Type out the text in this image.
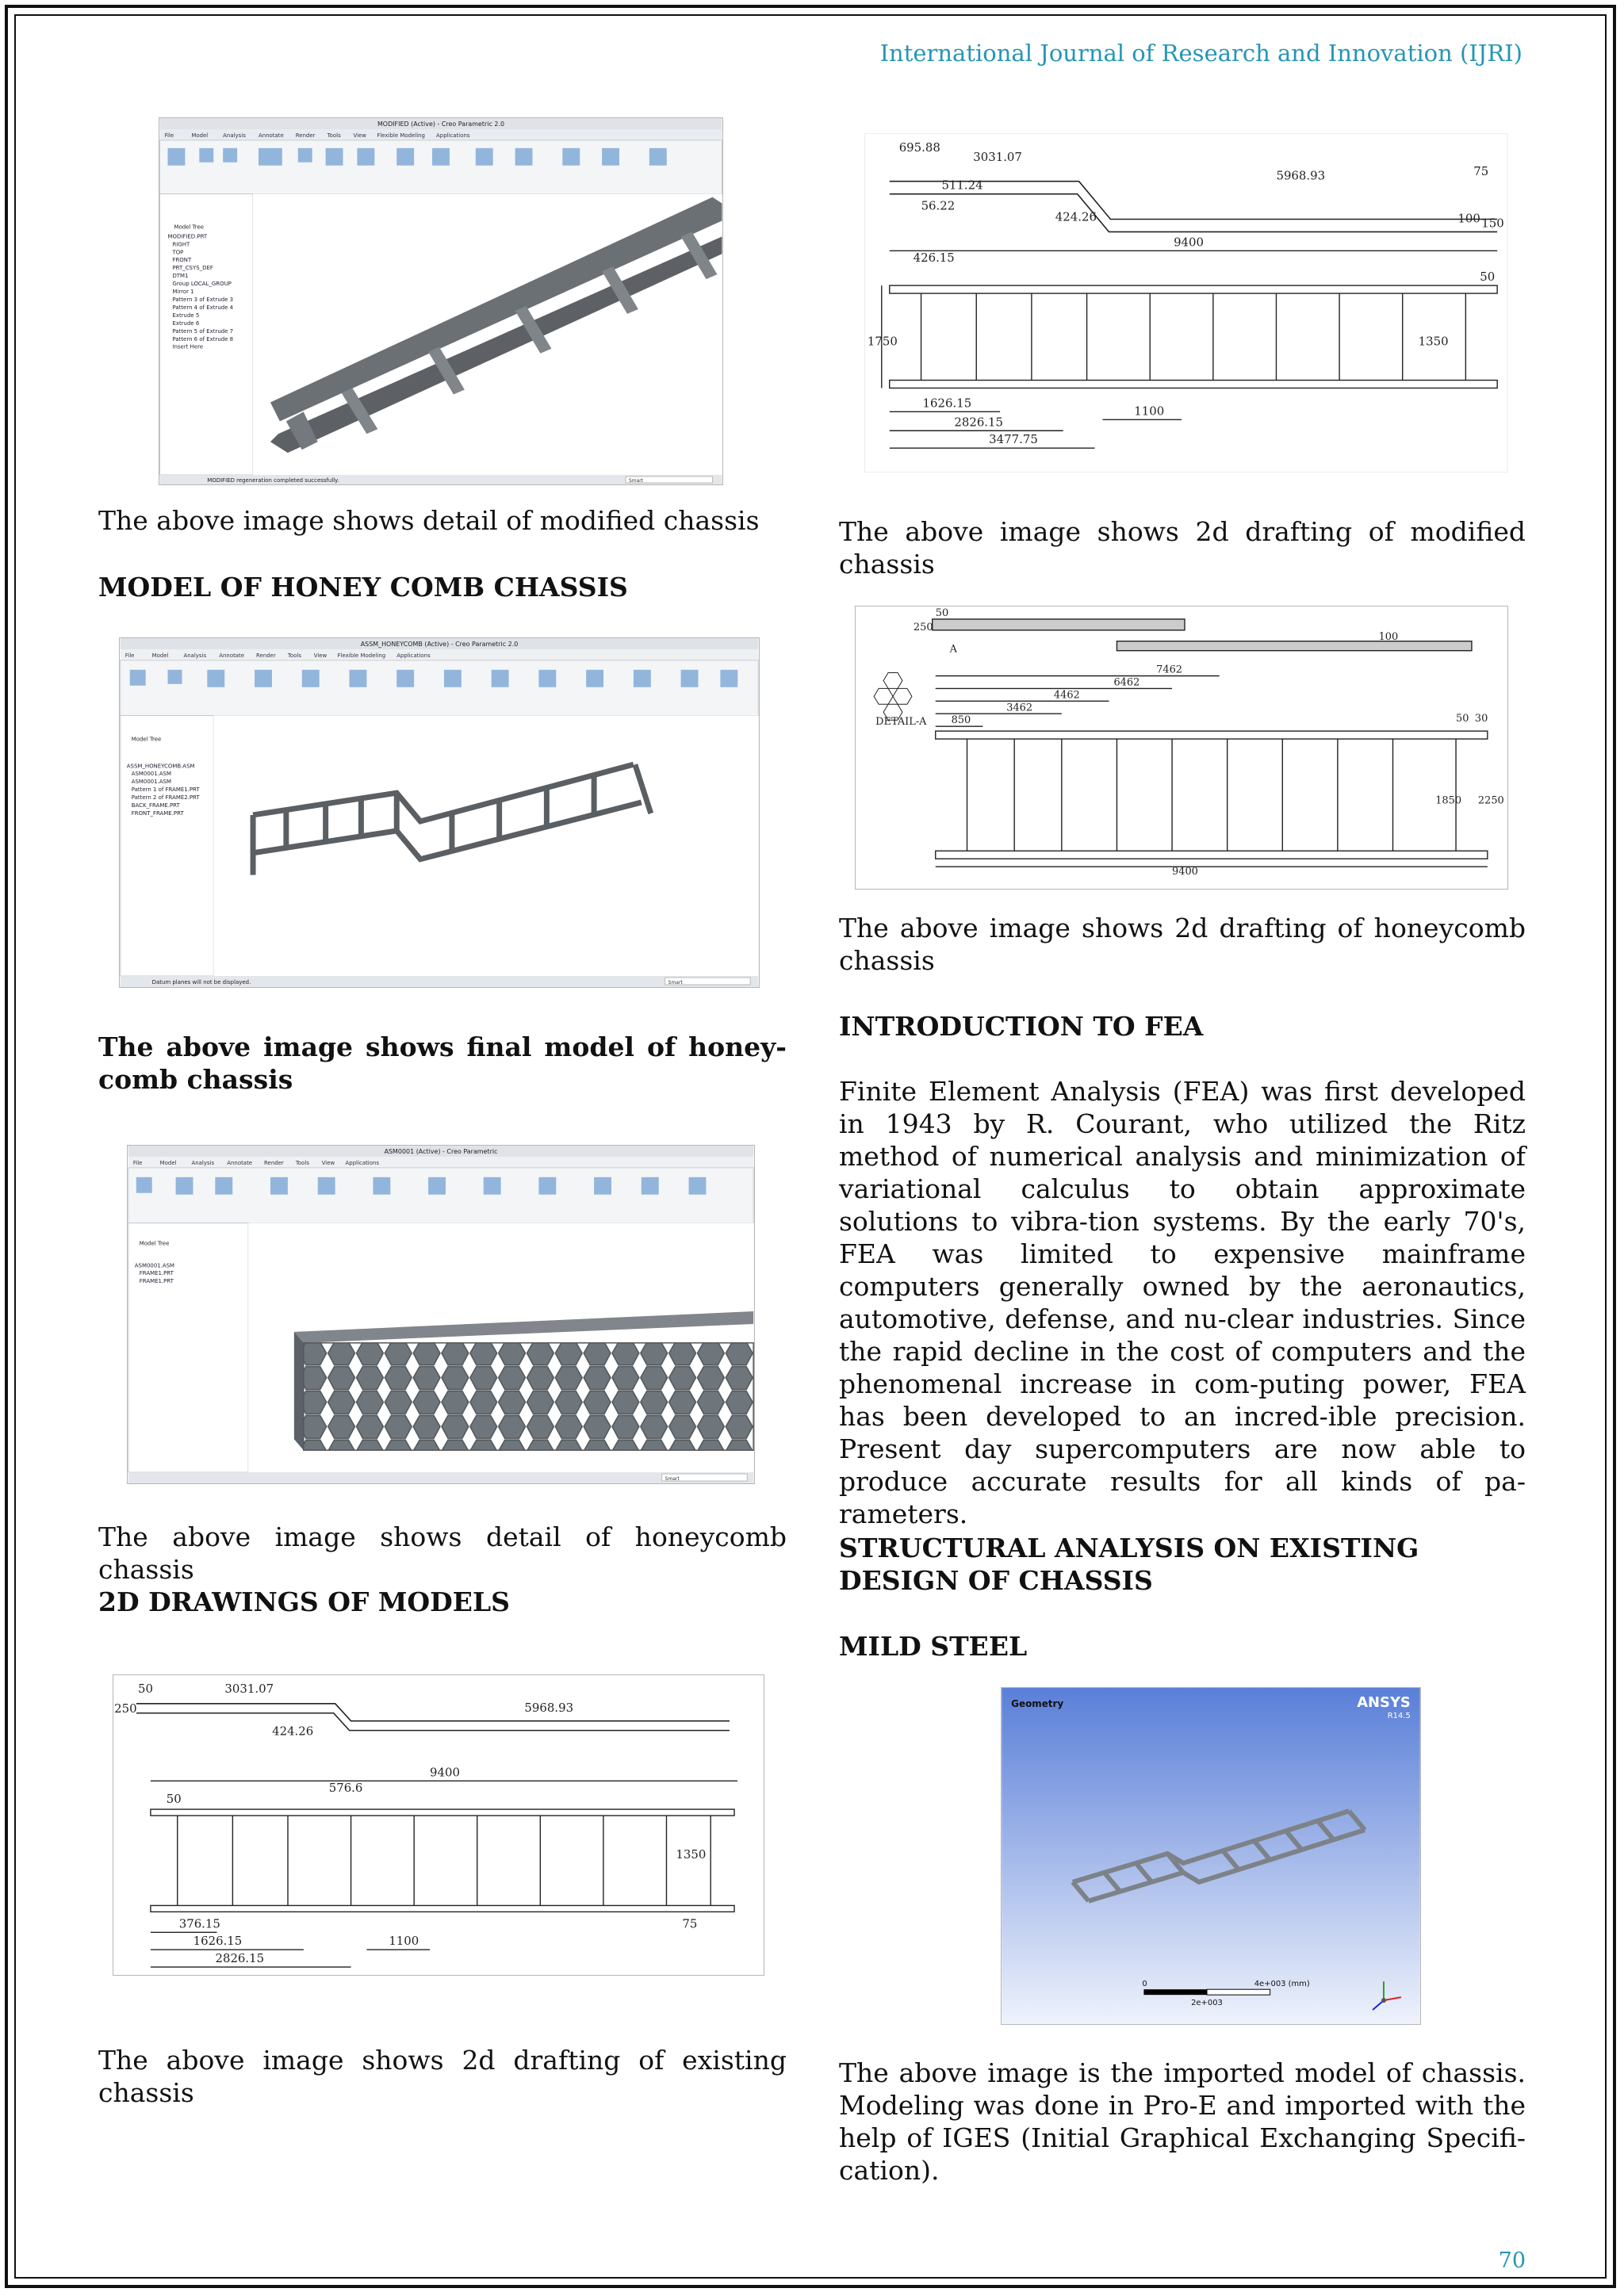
International Journal of Research and Innovation (IJRI)
MODIFIED (Active) - Creo Parametric 2.0
File	Model	Analysis Annotate Render Tools View Flexible Modeling Applications
Model Tree
MODIFIED.PRT
RIGHT
TOP
FRONT
PRT_CSYS_DEF
DTM1
Group LOCAL_GROUP
Mirror 1
Pattern 3 of Extrude 3
Pattern 4 of Extrude 4
Extrude 5
Extrude 6
Pattern 5 of Extrude 7
Pattern 6 of Extrude 8
Insert Here
MODIFIED regeneration completed successfully.	Smart

The above image shows detail of modified chassis

MODEL OF HONEY COMB CHASSIS
ASSM_HONEYCOMB (Active) - Creo Parametric 2.0
File	Model	Analysis Annotate Render Tools View Flexible Modeling Applications
Model Tree
ASSM_HONEYCOMB.ASM
ASM0001.ASM
ASM0001.ASM
Pattern 1 of FRAME1.PRT
Pattern 2 of FRAME2.PRT
BACK_FRAME.PRT
FRONT_FRAME.PRT
Datum planes will not be displayed.	Smart

The above image shows final model of honey-comb chassis

ASM0001 (Active) - Creo Parametric
File	Model	Analysis Annotate Render Tools View Applications
Model Tree
ASM0001.ASM
FRAME1.PRT
FRAME1.PRT
Smart

The above image shows detail of honeycomb chassis

2D DRAWINGS OF MODELS
50
250
3031.07
5968.93
424.26
9400
576.6
50
1350
376.15
1626.15
2826.15
1100
75

The above image shows 2d drafting of existing chassis

695.88
3031.07
511.24
56.22
424.26
5968.93	75
100 150
9400
426.15
50
1750	1350
1626.15
1100
2826.15
3477.75

The above image shows 2d drafting of modified chassis

250
50
100
7462
6462
4462
3462
850	50 30
1850 2250
9400
DETAIL-A
A

The above image shows 2d drafting of honeycomb chassis

INTRODUCTION TO FEA

Finite Element Analysis (FEA) was first developed in 1943 by R. Courant, who utilized the Ritz method of numerical analysis and minimization of variational calculus to obtain approximate solutions to vibra-tion systems. By the early 70's, FEA was limited to expensive mainframe computers generally owned by the aeronautics, automotive, defense, and nu-clear industries. Since the rapid decline in the cost of computers and the phenomenal increase in com-puting power, FEA has been developed to an incred-ible precision. Present day supercomputers are now able to produce accurate results for all kinds of pa-rameters.

STRUCTURAL ANALYSIS ON EXISTING DESIGN OF CHASSIS
MILD STEEL
Geometry	ANSYS
R14.5
0
2e+003
4e+003 (mm)

The above image is the imported model of chassis. Modeling was done in Pro-E and imported with the help of IGES (Initial Graphical Exchanging Specifi-cation).

70
